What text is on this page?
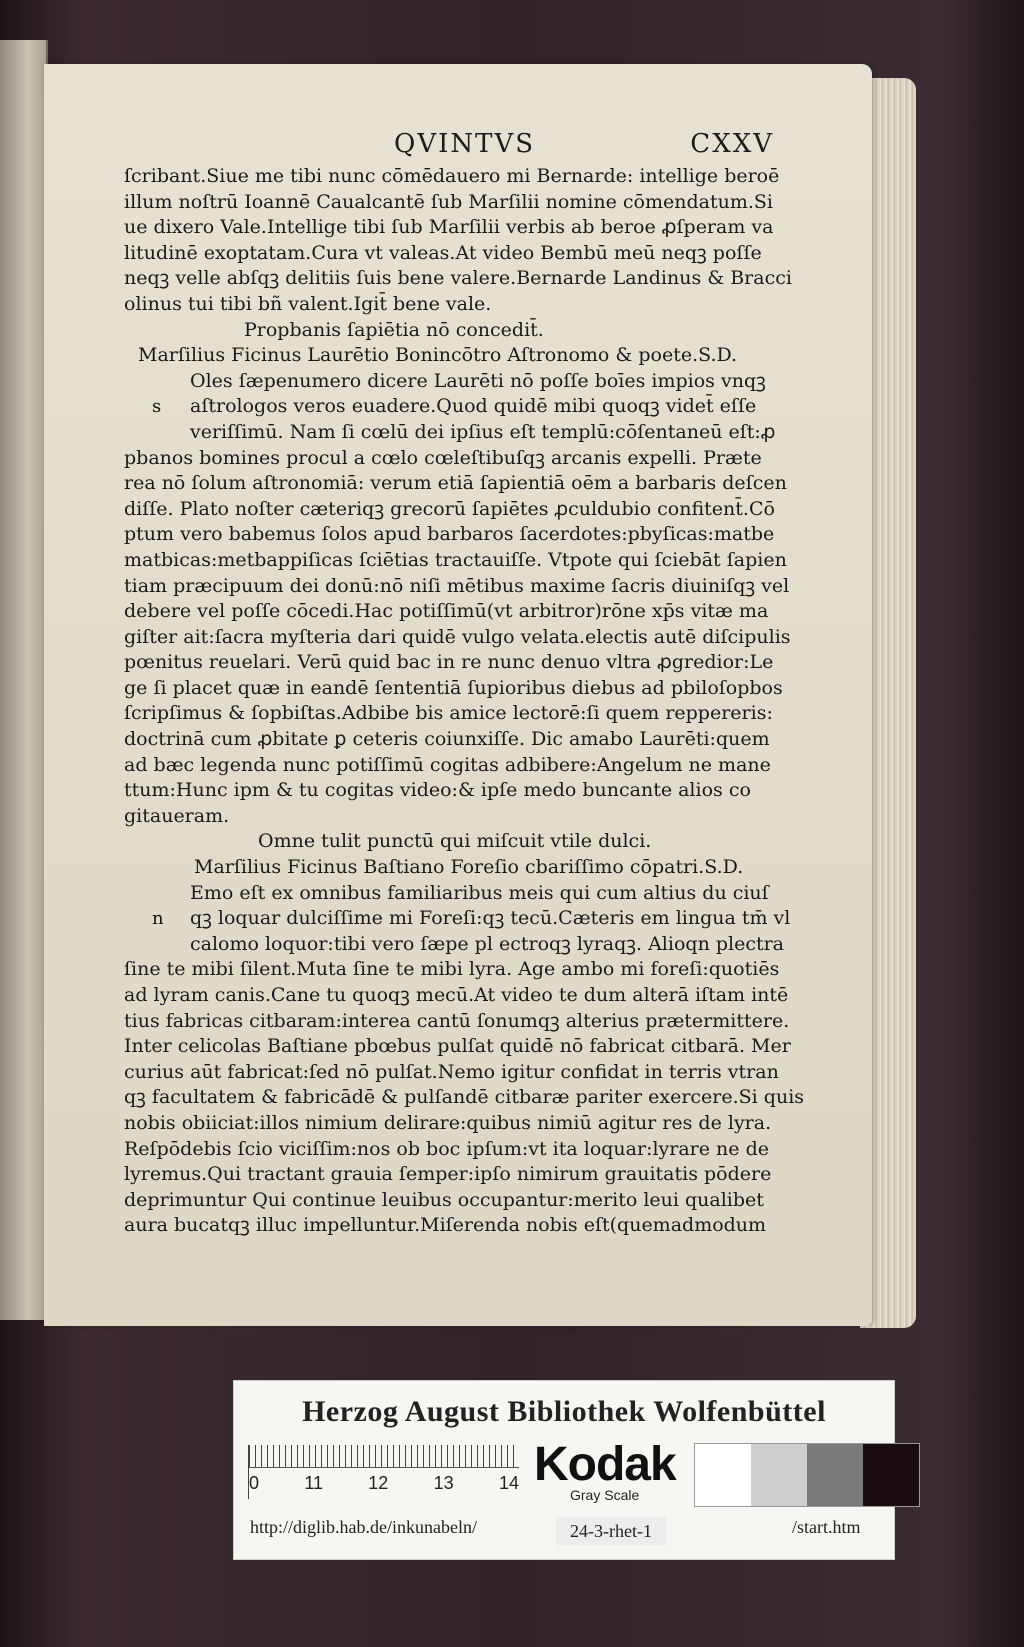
QVINTVS	CXXV
ſcribant.Siue me tibi nunc cōmēdauero mi Bernarde: intellige beroē
illum noſtrū Ioannē Caualcantē ſub Marſilii nomine cōmendatum.Si
ue dixero Vale.Intellige tibi ſub Marſilii verbis ab beroe ꝓſperam va
litudinē exoptatam.Cura vt valeas.At video Bembū meū neqꝫ poſſe
neqꝫ velle abſqꝫ delitiis ſuis bene valere.Bernarde Landinus & Bracci
olinus tui tibi bñ valent.Igit̄ bene vale.
Propbanis ſapiētia nō concedit̄.
Marſilius Ficinus Laurētio Bonincōtro Aſtronomo & poete.S.D.
Oles ſæpenumero dicere Laurēti nō poſſe boīes impios vnqꝫ
s aſtrologos veros euadere.Quod quidē mibi quoqꝫ videt̄ eſſe
veriſſimū. Nam ſi cœlū dei ipſius eſt templū:cōſentaneū eſt:ꝓ
pbanos bomines procul a cœlo cœleſtibuſqꝫ arcanis expelli. Præte
rea nō ſolum aſtronomiā: verum etiā ſapientiā oēm a barbaris deſcen
diſſe. Plato noſter cæteriqꝫ grecorū ſapiētes ꝓculdubio confitent̄.Cō
ptum vero babemus ſolos apud barbaros ſacerdotes:pbyſicas:matbe
matbicas:metbappiſicas ſciētias tractauiſſe. Vtpote qui ſciebāt ſapien
tiam præcipuum dei donū:nō niſi mētibus maxime ſacris diuiniſqꝫ vel
debere vel poſſe cōcedi.Hac potiſſimū(vt arbitror)rōne xp̄s vitæ ma
giſter ait:ſacra myſteria dari quidē vulgo velata.electis autē diſcipulis
pœnitus reuelari. Verū quid bac in re nunc denuo vltra ꝓgredior:Le
ge ſi placet quæ in eandē ſententiā ſupioribus diebus ad pbiloſopbos
ſcripſimus & ſopbiſtas.Adbibe bis amice lectorē:ſi quem reppereris:
doctrinā cum ꝓbitate ꝑ ceteris coiunxiſſe. Dic amabo Laurēti:quem
ad bæc legenda nunc potiſſimū cogitas adbibere:Angelum ne mane
ttum:Hunc ipm & tu cogitas video:& ipſe medo buncante alios co
gitaueram.
Omne tulit punctū qui miſcuit vtile dulci.
Marſilius Ficinus Baſtiano Foreſio cbariſſimo cōpatri.S.D.
Emo eſt ex omnibus familiaribus meis qui cum altius du ciuſ
n qꝫ loquar dulciſſime mi Foreſi:qꝫ tecū.Cæteris em lingua tm̄ vl
calomo loquor:tibi vero ſæpe pl ectroqꝫ lyraqꝫ. Alioqn plectra
ſine te mibi ſilent.Muta ſine te mibi lyra. Age ambo mi foreſi:quotiēs
ad lyram canis.Cane tu quoqꝫ mecū.At video te dum alterā iſtam intē
tius fabricas citbaram:interea cantū ſonumqꝫ alterius prætermittere.
Inter celicolas Baſtiane pbœbus pulſat quidē nō fabricat citbarā. Mer
curius aūt fabricat:ſed nō pulſat.Nemo igitur confidat in terris vtran
qꝫ facultatem & fabricādē & pulſandē citbaræ pariter exercere.Si quis
nobis obiiciat:illos nimium delirare:quibus nimiū agitur res de lyra.
Reſpōdebis ſcio viciſſim:nos ob boc ipſum:vt ita loquar:lyrare ne de
lyremus.Qui tractant grauia ſemper:ipſo nimirum grauitatis pōdere
deprimuntur Qui continue leuibus occupantur:merito leui qualibet
aura bucatqꝫ illuc impelluntur.Miſerenda nobis eſt(quemadmodum
Herzog August Bibliothek Wolfenbüttel
0	11	12	13	14 Kodak
Gray Scale
http://diglib.hab.de/inkunabeln/	24-3-rhet-1	/start.htm
